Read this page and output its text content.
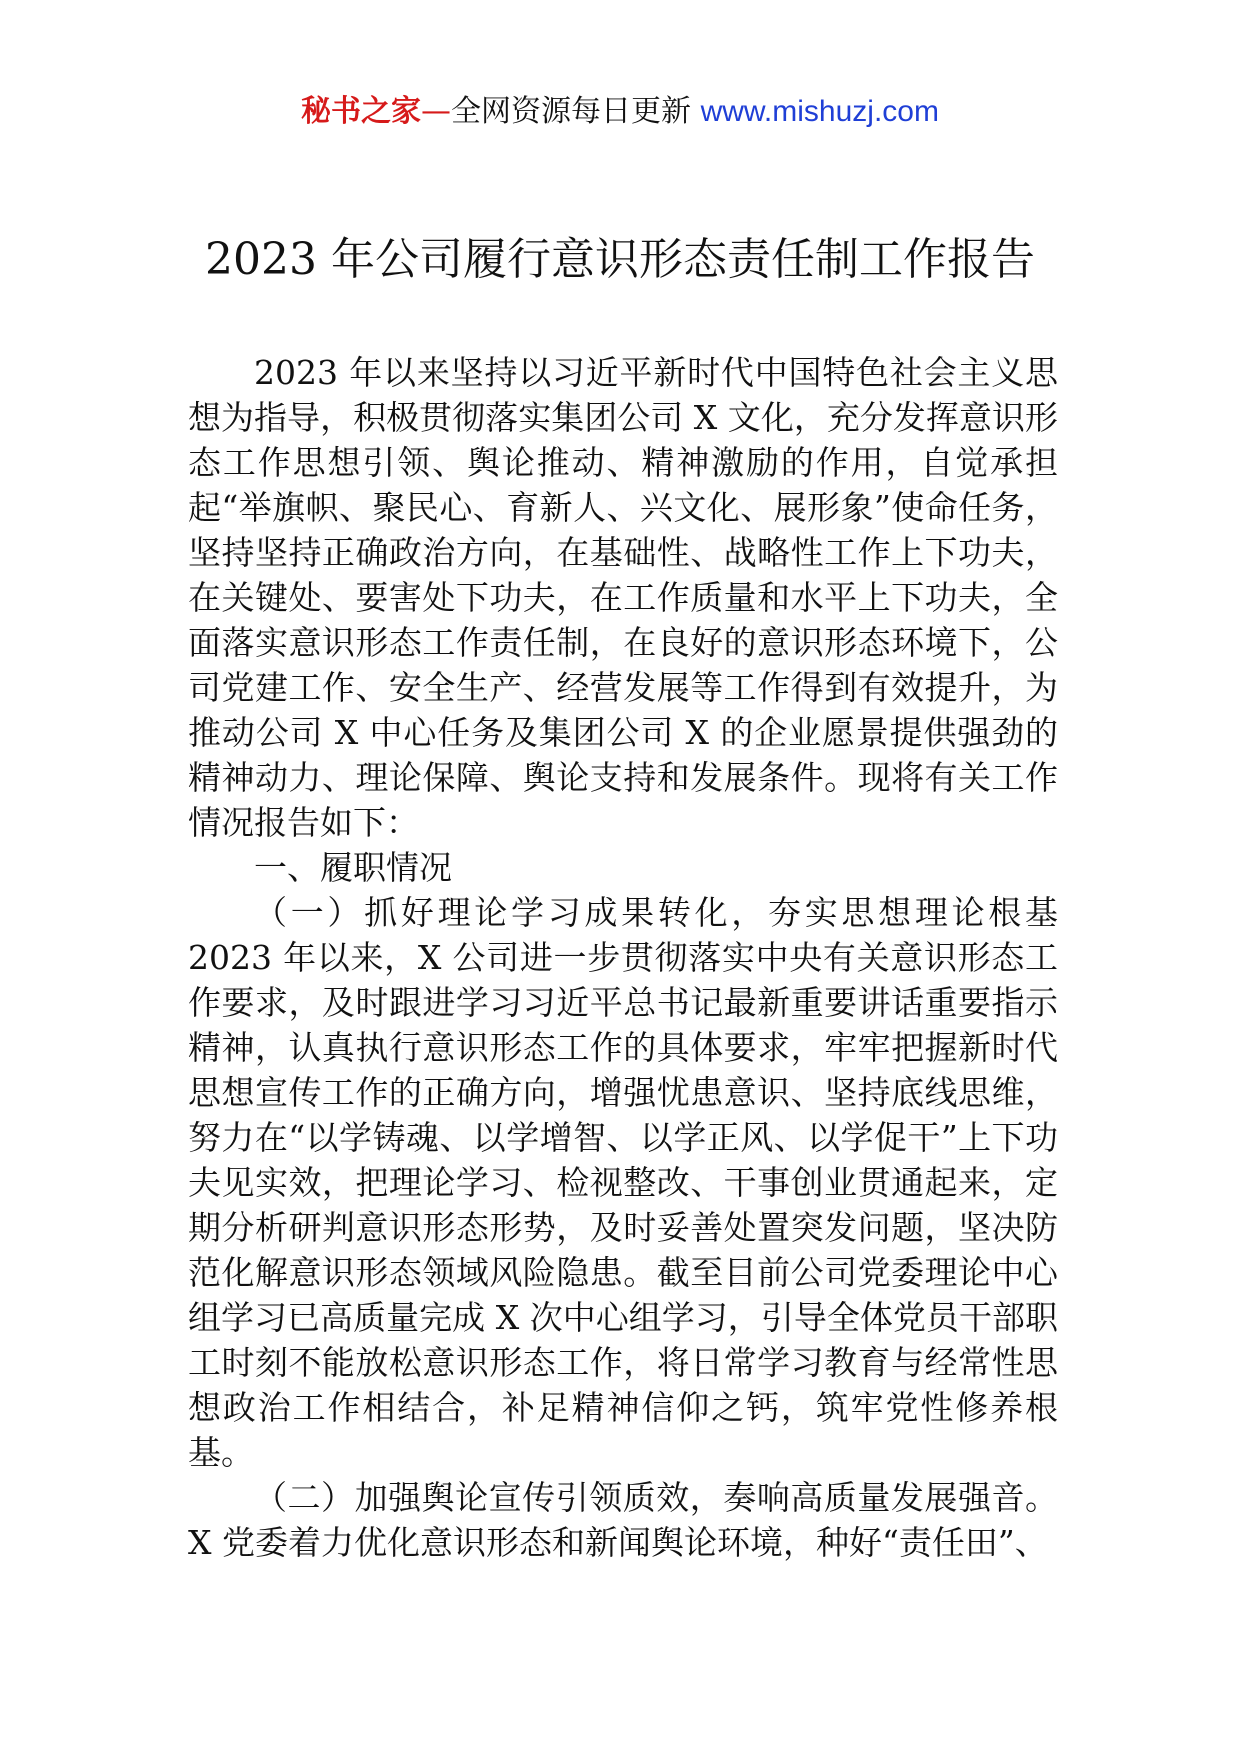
秘书之家—全网资源每日更新 www.mishuzj.com
2023 年公司履行意识形态责任制工作报告

2023 年以来坚持以习近平新时代中国特色社会主义思想为指导，积极贯彻落实集团公司 X 文化，充分发挥意识形态工作思想引领、舆论推动、精神激励的作用，自觉承担起“举旗帜、聚民心、育新人、兴文化、展形象”使命任务，坚持坚持正确政治方向，在基础性、战略性工作上下功夫，在关键处、要害处下功夫，在工作质量和水平上下功夫，全面落实意识形态工作责任制，在良好的意识形态环境下，公司党建工作、安全生产、经营发展等工作得到有效提升，为推动公司 X 中心任务及集团公司 X 的企业愿景提供强劲的精神动力、理论保障、舆论支持和发展条件。现将有关工作情况报告如下：

一、履职情况

（一）抓好理论学习成果转化，夯实思想理论根基 2023 年以来，X 公司进一步贯彻落实中央有关意识形态工作要求，及时跟进学习习近平总书记最新重要讲话重要指示精神，认真执行意识形态工作的具体要求，牢牢把握新时代思想宣传工作的正确方向，增强忧患意识、坚持底线思维，努力在“以学铸魂、以学增智、以学正风、以学促干”上下功夫见实效，把理论学习、检视整改、干事创业贯通起来，定期分析研判意识形态形势，及时妥善处置突发问题，坚决防范化解意识形态领域风险隐患。截至目前公司党委理论中心组学习已高质量完成 X 次中心组学习，引导全体党员干部职工时刻不能放松意识形态工作，将日常学习教育与经常性思想政治工作相结合，补足精神信仰之钙，筑牢党性修养根基。

（二）加强舆论宣传引领质效，奏响高质量发展强音。X 党委着力优化意识形态和新闻舆论环境，种好“责任田”、
